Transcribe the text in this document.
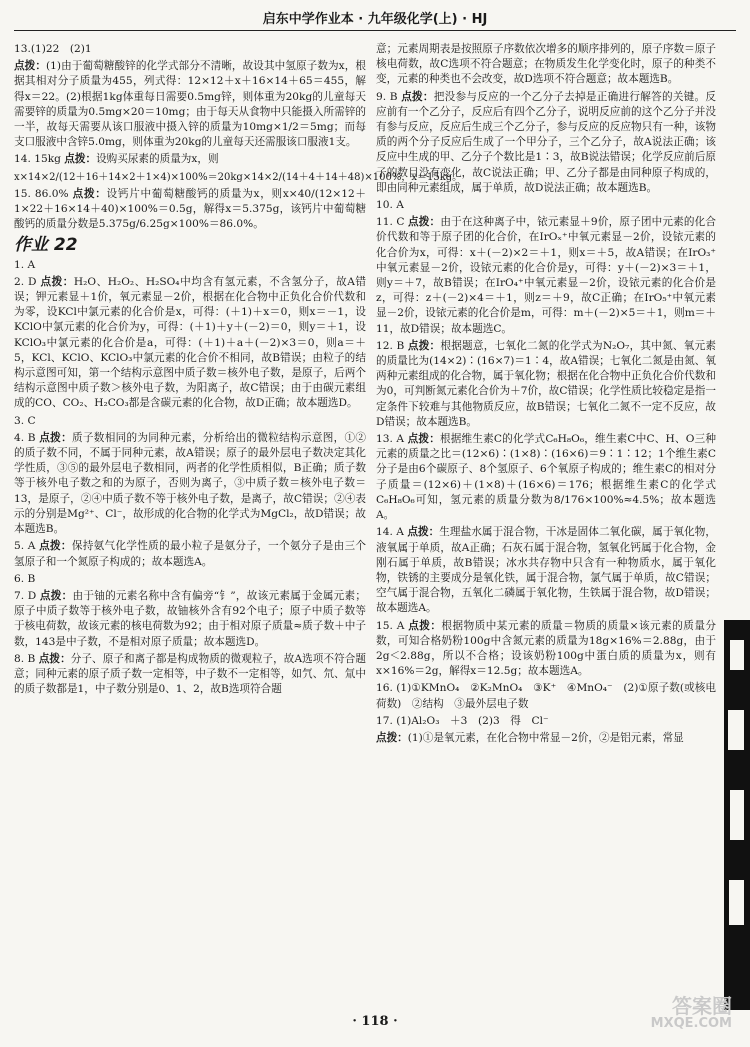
启东中学作业本 · 九年级化学(上) · HJ

13.(1)22　(2)1

点拨：(1)由于葡萄糖酸锌的化学式部分不清晰，故设其中氢原子数为x，根据其相对分子质量为455，列式得：12×12＋x＋16×14＋65＝455，解得x＝22。(2)根据1kg体重每日需要0.5mg锌，则体重为20kg的儿童每天需要锌的质量为0.5mg×20＝10mg；由于每天从食物中只能摄入所需锌的一半，故每天需要从该口服液中摄入锌的质量为10mg×1/2＝5mg；而每支口服液中含锌5.0mg，则体重为20kg的儿童每天还需服该口服液1支。

14. 15kg 点拨：设购买尿素的质量为x，则

x×14×2/(12＋16＋14×2＋1×4)×100%＝20kg×14×2/(14＋4＋14＋48)×100%，x＝15kg。

15. 86.0% 点拨：设钙片中葡萄糖酸钙的质量为x，则x×40/(12×12＋1×22＋16×14＋40)×100%＝0.5g，解得x＝5.375g，该钙片中葡萄糖酸钙的质量分数是5.375g/6.25g×100%＝86.0%。

作业 22

1. A

2. D 点拨：H₂O、H₂O₂、H₂SO₄中均含有氢元素，不含氢分子，故A错误；钾元素显＋1价，氧元素显－2价，根据在化合物中正负化合价代数和为零，设KCl中氯元素的化合价是x，可得：(＋1)＋x＝0，则x＝－1，设KClO中氯元素的化合价为y，可得：(＋1)＋y＋(－2)＝0，则y＝＋1，设KClO₃中氯元素的化合价是a，可得：(＋1)＋a＋(－2)×3＝0，则a＝＋5，KCl、KClO、KClO₃中氯元素的化合价不相同，故B错误；由粒子的结构示意图可知，第一个结构示意图中质子数＝核外电子数，是原子，后两个结构示意图中质子数＞核外电子数，为阳离子，故C错误；由于由碳元素组成的CO、CO₂、H₂CO₃都是含碳元素的化合物，故D正确；故本题选D。

3. C

4. B 点拨：质子数相同的为同种元素，分析给出的微粒结构示意图，①②的质子数不同，不属于同种元素，故A错误；原子的最外层电子数决定其化学性质，③⑤的最外层电子数相同，两者的化学性质相似，B正确；质子数等于核外电子数之和的为原子，否则为离子，③中质子数＝核外电子数＝13，是原子，②④中质子数不等于核外电子数，是离子，故C错误；②④表示的分别是Mg²⁺、Cl⁻，故形成的化合物的化学式为MgCl₂，故D错误；故本题选B。

5. A 点拨：保持氨气化学性质的最小粒子是氨分子，一个氨分子是由三个氢原子和一个氮原子构成的；故本题选A。

6. B

7. D 点拨：由于铀的元素名称中含有偏旁“钅”，故该元素属于金属元素；原子中质子数等于核外电子数，故铀核外含有92个电子；原子中质子数等于核电荷数，故该元素的核电荷数为92；由于相对原子质量≈质子数＋中子数，143是中子数，不是相对原子质量；故本题选D。

8. B 点拨：分子、原子和离子都是构成物质的微观粒子，故A选项不符合题意；同种元素的原子质子数一定相等，中子数不一定相等，如氕、氘、氚中的质子数都是1，中子数分别是0、1、2，故B选项符合题

意；元素周期表是按照原子序数依次增多的顺序排列的，原子序数＝原子核电荷数，故C选项不符合题意；在物质发生化学变化时，原子的种类不变，元素的种类也不会改变，故D选项不符合题意；故本题选B。

9. B 点拨：把没参与反应的一个乙分子去掉是正确进行解答的关键。反应前有一个乙分子，反应后有四个乙分子，说明反应前的这个乙分子并没有参与反应，反应后生成三个乙分子，参与反应的反应物只有一种，该物质的两个分子反应后生成了一个甲分子，三个乙分子，故A说法正确；该反应中生成的甲、乙分子个数比是1∶3，故B说法错误；化学反应前后原子的数目没有变化，故C说法正确；甲、乙分子都是由同种原子构成的，即由同种元素组成，属于单质，故D说法正确；故本题选B。

10. A

11. C 点拨：由于在这种离子中，铱元素显＋9价，原子团中元素的化合价代数和等于原子团的化合价，在IrOₓ⁺中氧元素显－2价，设铱元素的化合价为x，可得：x＋(－2)×2＝＋1，则x＝＋5，故A错误；在IrO₃⁺中氧元素显－2价，设铱元素的化合价是y，可得：y＋(－2)×3＝＋1，则y＝＋7，故B错误；在IrO₄⁺中氧元素显－2价，设铱元素的化合价是z，可得：z＋(－2)×4＝＋1，则z＝＋9，故C正确；在IrO₅⁺中氧元素显－2价，设铱元素的化合价是m，可得：m＋(－2)×5＝＋1，则m＝＋11，故D错误；故本题选C。

12. B 点拨：根据题意，七氧化二氮的化学式为N₂O₇，其中氮、氧元素的质量比为(14×2)∶(16×7)＝1∶4，故A错误；七氧化二氮是由氮、氧两种元素组成的化合物，属于氧化物；根据在化合物中正负化合价代数和为0，可判断氮元素化合价为＋7价，故C错误；化学性质比较稳定是指一定条件下较难与其他物质反应，故B错误；七氧化二氮不一定不反应，故D错误；故本题选B。

13. A 点拨：根据维生素C的化学式C₆H₈O₆，维生素C中C、H、O三种元素的质量之比＝(12×6)∶(1×8)∶(16×6)＝9∶1∶12；1个维生素C分子是由6个碳原子、8个氢原子、6个氧原子构成的；维生素C的相对分子质量＝(12×6)＋(1×8)＋(16×6)＝176；根据维生素C的化学式C₆H₈O₆可知，氢元素的质量分数为8/176×100%≈4.5%；故本题选A。

14. A 点拨：生理盐水属于混合物，干冰是固体二氧化碳，属于氧化物，液氧属于单质，故A正确；石灰石属于混合物，氢氧化钙属于化合物，金刚石属于单质，故B错误；冰水共存物中只含有一种物质水，属于氧化物，铁锈的主要成分是氧化铁，属于混合物，氯气属于单质，故C错误；空气属于混合物，五氧化二磷属于氧化物，生铁属于混合物，故D错误；故本题选A。

15. A 点拨：根据物质中某元素的质量＝物质的质量×该元素的质量分数，可知合格奶粉100g中含氮元素的质量为18g×16%＝2.88g，由于2g＜2.88g，所以不合格；设该奶粉100g中蛋白质的质量为x，则有x×16%＝2g，解得x＝12.5g；故本题选A。

16. (1)①KMnO₄　②K₂MnO₄　③K⁺　④MnO₄⁻　(2)①原子数(或核电荷数)　②结构　③最外层电子数

17. (1)Al₂O₃　＋3　(2)3　得　Cl⁻

点拨：(1)①是氧元素，在化合物中常显－2价，②是铝元素，常显

答案圈
MXQE.COM
· 118 ·
